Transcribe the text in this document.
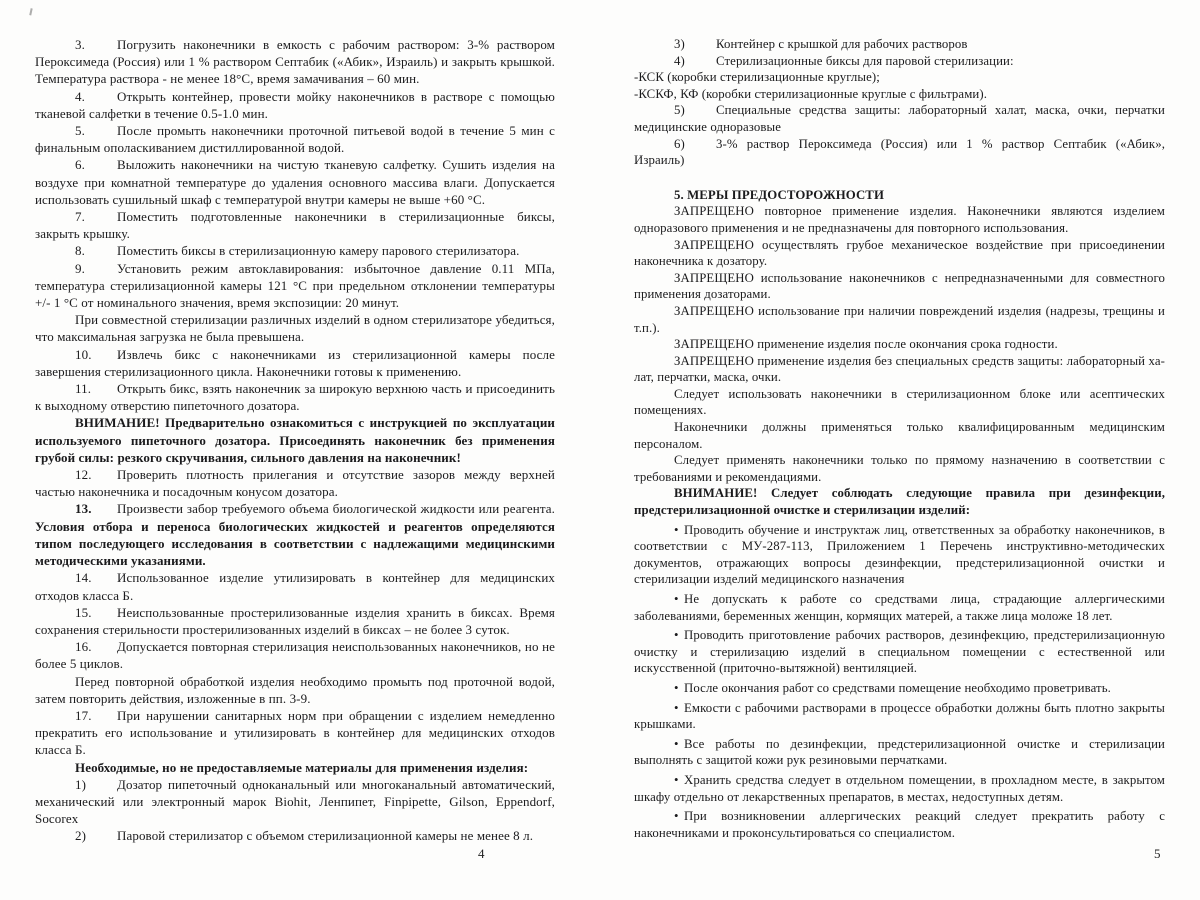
3. Погрузить наконечники в емкость с рабочим раствором: 3-% раствором Пероксимеда (Россия) или 1 % раствором Септабик («Абик», Израиль) и закрыть крышкой. Температура раствора - не менее 18°С, время замачивания – 60 мин.

4. Открыть контейнер, провести мойку наконечников в растворе с помощью тканевой салфетки в течение 0.5-1.0 мин.

5. После промыть наконечники проточной питьевой водой в течение 5 мин с финальным ополаскиванием дистиллированной водой.

6. Выложить наконечники на чистую тканевую салфетку. Сушить изделия на воздухе при комнатной температуре до удаления основного массива влаги. Допускается использовать сушильный шкаф с температурой внутри камеры не выше +60 °С.

7. Поместить подготовленные наконечники в стерилизационные биксы, закрыть крышку.

8. Поместить биксы в стерилизационную камеру парового стерилизатора.

9. Установить режим автоклавирования: избыточное давление 0.11 МПа, температура стерилизационной камеры 121 °С при предельном отклонении температуры +/- 1 °С от номинального значения, время экспозиции: 20 минут.

При совместной стерилизации различных изделий в одном стерилизаторе убедиться, что максимальная загрузка не была превышена.

10. Извлечь бикс с наконечниками из стерилизационной камеры после завершения стерилизационного цикла. Наконечники готовы к применению.

11. Открыть бикс, взять наконечник за широкую верхнюю часть и присоединить к выходному отверстию пипеточного дозатора.

ВНИМАНИЕ! Предварительно ознакомиться с инструкцией по эксплуатации используемого пипеточного дозатора. Присоединять наконечник без применения грубой силы: резкого скручивания, сильного давления на наконечник!

12. Проверить плотность прилегания и отсутствие зазоров между верхней частью наконечника и посадочным конусом дозатора.

13. Произвести забор требуемого объема биологической жидкости или реагента. Условия отбора и переноса биологических жидкостей и реагентов определяются типом последующего исследования в соответствии с надлежащими медицинскими методическими указаниями.

14. Использованное изделие утилизировать в контейнер для медицинских отходов класса Б.

15. Неиспользованные простерилизованные изделия хранить в биксах. Время сохранения стерильности простерилизованных изделий в биксах – не более 3 суток.

16. Допускается повторная стерилизация неиспользованных наконечников, но не более 5 циклов.

Перед повторной обработкой изделия необходимо промыть под проточной водой, затем повторить действия, изложенные в пп. 3-9.

17. При нарушении санитарных норм при обращении с изделием немедленно прекратить его использование и утилизировать в контейнер для медицинских отходов класса Б.

Необходимые, но не предоставляемые материалы для применения изделия:

1) Дозатор пипеточный одноканальный или многоканальный автоматический, механический или электронный марок Biohit, Ленпипет, Finpipette, Gilson, Eppendorf, Socorex

2) Паровой стерилизатор с объемом стерилизационной камеры не менее 8 л.

4

3) Контейнер с крышкой для рабочих растворов

4) Стерилизационные биксы для паровой стерилизации:

-КСК (коробки стерилизационные круглые);

-КСКФ, КФ (коробки стерилизационные круглые с фильтрами).

5) Специальные средства защиты: лабораторный халат, маска, очки, перчатки медицинские одноразовые

6) 3-% раствор Пероксимеда (Россия) или 1 % раствор Септабик («Абик», Израиль)

5. МЕРЫ ПРЕДОСТОРОЖНОСТИ

ЗАПРЕЩЕНО повторное применение изделия. Наконечники являются изделием одноразового применения и не предназначены для повторного использования.

ЗАПРЕЩЕНО осуществлять грубое механическое воздействие при присоединении наконечника к дозатору.

ЗАПРЕЩЕНО использование наконечников с непредназначенными для совместного применения дозаторами.

ЗАПРЕЩЕНО использование при наличии повреждений изделия (надрезы, трещины и т.п.).

ЗАПРЕЩЕНО применение изделия после окончания срока годности.

ЗАПРЕЩЕНО применение изделия без специальных средств защиты: лабораторный ха-лат, перчатки, маска, очки.

Следует использовать наконечники в стерилизационном блоке или асептических помещениях.

Наконечники должны применяться только квалифицированным медицинским персоналом.

Следует применять наконечники только по прямому назначению в соответствии с требованиями и рекомендациями.

ВНИМАНИЕ! Следует соблюдать следующие правила при дезинфекции, предстерилизационной очистке и стерилизации изделий:

• Проводить обучение и инструктаж лиц, ответственных за обработку наконечников, в соответствии с МУ-287-113, Приложением 1 Перечень инструктивно-методических документов, отражающих вопросы дезинфекции, предстерилизационной очистки и стерилизации изделий медицинского назначения

• Не допускать к работе со средствами лица, страдающие аллергическими заболеваниями, беременных женщин, кормящих матерей, а также лица моложе 18 лет.

• Проводить приготовление рабочих растворов, дезинфекцию, предстерилизационную очистку и стерилизацию изделий в специальном помещении с естественной или искусственной (приточно-вытяжной) вентиляцией.

• После окончания работ со средствами помещение необходимо проветривать.

• Емкости с рабочими растворами в процессе обработки должны быть плотно закрыты крышками.

• Все работы по дезинфекции, предстерилизационной очистке и стерилизации выполнять с защитой кожи рук резиновыми перчатками.

• Хранить средства следует в отдельном помещении, в прохладном месте, в закрытом шкафу отдельно от лекарственных препаратов, в местах, недоступных детям.

• При возникновении аллергических реакций следует прекратить работу с наконечниками и проконсультироваться со специалистом.

5
